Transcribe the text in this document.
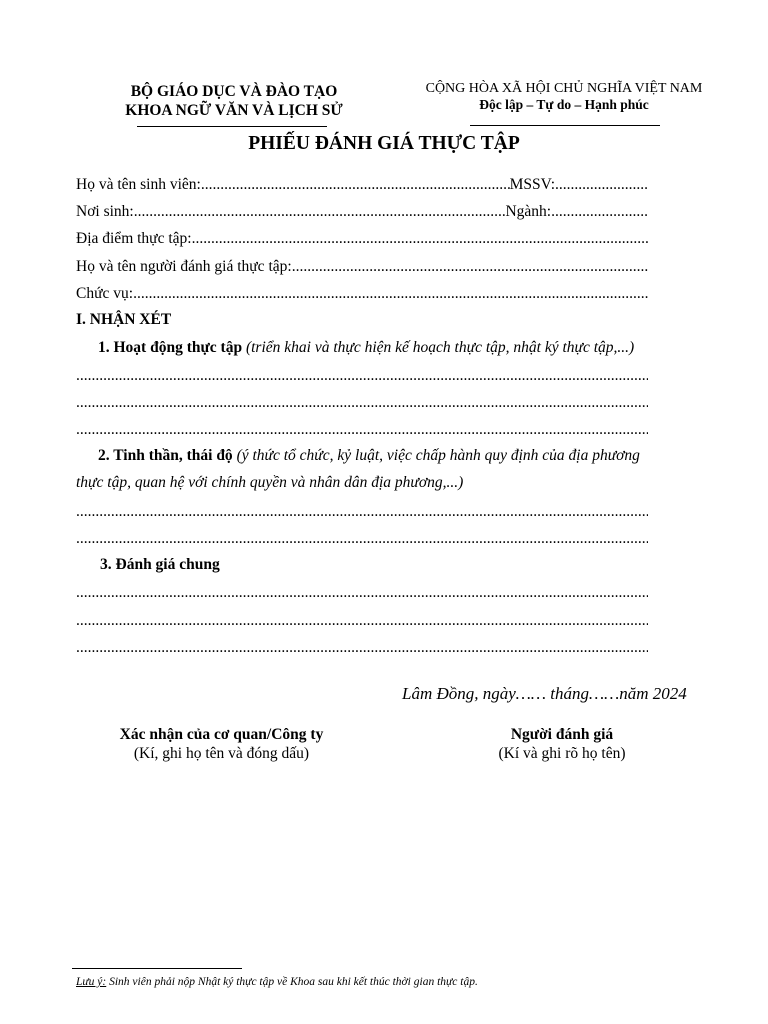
BỘ GIÁO DỤC VÀ ĐÀO TẠO
KHOA NGỮ VĂN VÀ LỊCH SỬ
CỘNG HÒA XÃ HỘI CHỦ NGHĨA VIỆT NAM
Độc lập – Tự do – Hạnh phúc
PHIẾU ĐÁNH GIÁ THỰC TẬP
Họ và tên sinh viên: .....	MSSV: ........................
Nơi sinh: .....	Ngành: .........................
Địa điểm thực tập:
.....
Họ và tên người đánh giá thực tập:
.....
Chức vụ:
.....
I. NHẬN XÉT
1. Hoạt động thực tập (triển khai và thực hiện kế hoạch thực tập, nhật ký thực tập,...)
.....
.....
.....
2. Tinh thần, thái độ (ý thức tổ chức, kỷ luật, việc chấp hành quy định của địa phương
thực tập, quan hệ với chính quyền và nhân dân địa phương,...)
.....
.....
3. Đánh giá chung
.....
.....
.....
Lâm Đồng, ngày…… tháng……năm 2024
Xác nhận của cơ quan/Công ty
(Kí, ghi họ tên và đóng dấu)
Người đánh giá
(Kí và ghi rõ họ tên)
Lưu ý: Sinh viên phải nộp Nhật ký thực tập về Khoa sau khi kết thúc thời gian thực tập.
